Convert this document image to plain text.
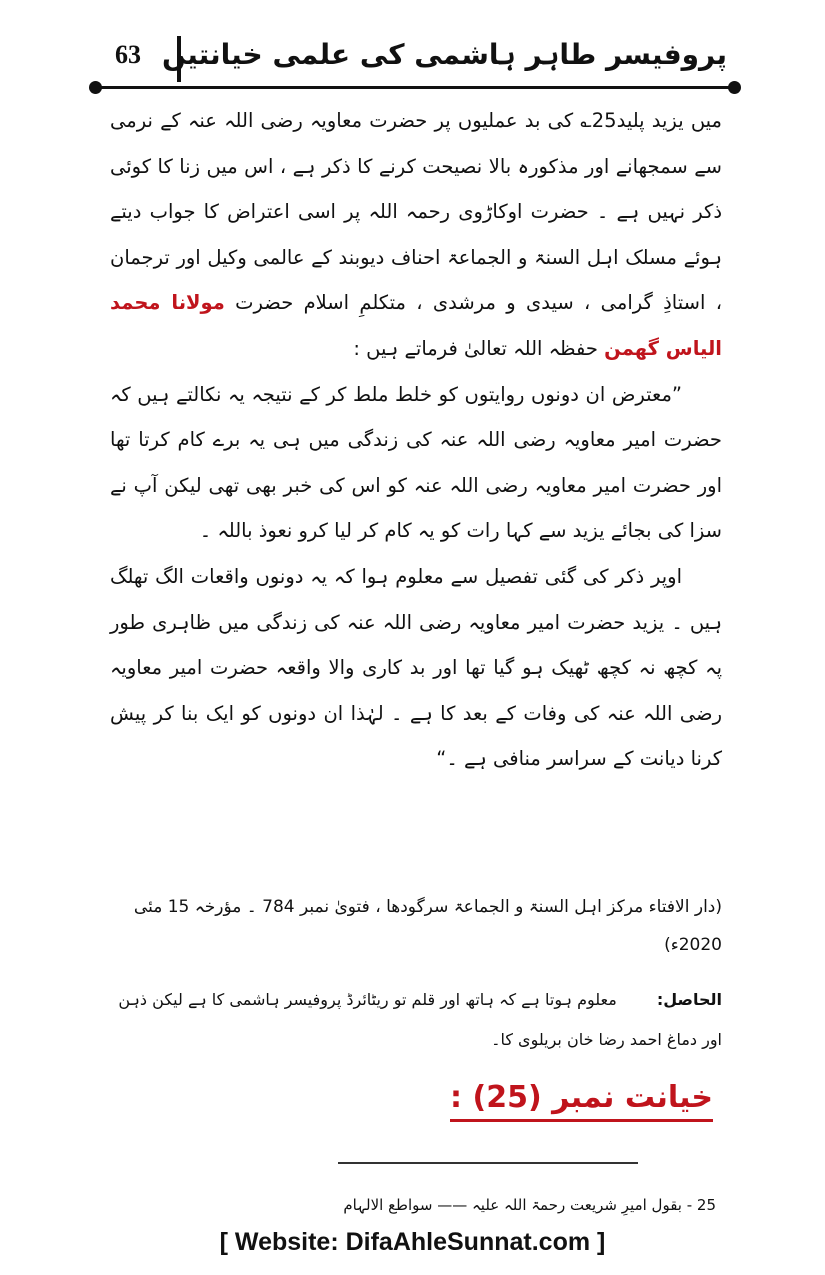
63 پروفیسر طاہر ہاشمی کی علمی خیانتیں

میں یزید پلید25؎ کی بد عملیوں پر حضرت معاویہ رضی اللہ عنہ کے نرمی سے سمجھانے اور مذکورہ بالا نصیحت کرنے کا ذکر ہے ، اس میں زنا کا کوئی ذکر نہیں ہے ۔ حضرت اوکاڑوی رحمہ اللہ پر اسی اعتراض کا جواب دیتے ہوئے مسلک اہل السنۃ و الجماعۃ احناف دیوبند کے عالمی وکیل اور ترجمان ، استاذِ گرامی ، سیدی و مرشدی ، متکلمِ اسلام حضرت مولانا محمد الیاس گھمن حفظہ اللہ تعالیٰ فرماتے ہیں :

”معترض ان دونوں روایتوں کو خلط ملط کر کے نتیجہ یہ نکالتے ہیں کہ حضرت امیر معاویہ رضی اللہ عنہ کی زندگی میں ہی یہ برے کام کرتا تھا اور حضرت امیر معاویہ رضی اللہ عنہ کو اس کی خبر بھی تھی لیکن آپ نے سزا کی بجائے یزید سے کہا رات کو یہ کام کر لیا کرو نعوذ باللہ ۔

اوپر ذکر کی گئی تفصیل سے معلوم ہوا کہ یہ دونوں واقعات الگ تھلگ ہیں ۔ یزید حضرت امیر معاویہ رضی اللہ عنہ کی زندگی میں ظاہری طور پہ کچھ نہ کچھ ٹھیک ہو گیا تھا اور بد کاری والا واقعہ حضرت امیر معاویہ رضی اللہ عنہ کی وفات کے بعد کا ہے ۔ لہٰذا ان دونوں کو ایک بنا کر پیش کرنا دیانت کے سراسر منافی ہے ۔“

(دار الافتاء مرکز اہل السنۃ و الجماعۃ سرگودھا ، فتویٰ نمبر 784 ۔ مؤرخہ 15 مئی 2020ء)
الحاصل:معلوم ہوتا ہے کہ ہاتھ اور قلم تو ریٹائرڈ پروفیسر ہاشمی کا ہے لیکن ذہن اور دماغ احمد رضا خان بریلوی کا۔
خیانت نمبر (25) :
25 - بقول امیرِ شریعت رحمۃ اللہ علیہ —— سواطع الالہام
[ Website: DifaAhleSunnat.com ]
